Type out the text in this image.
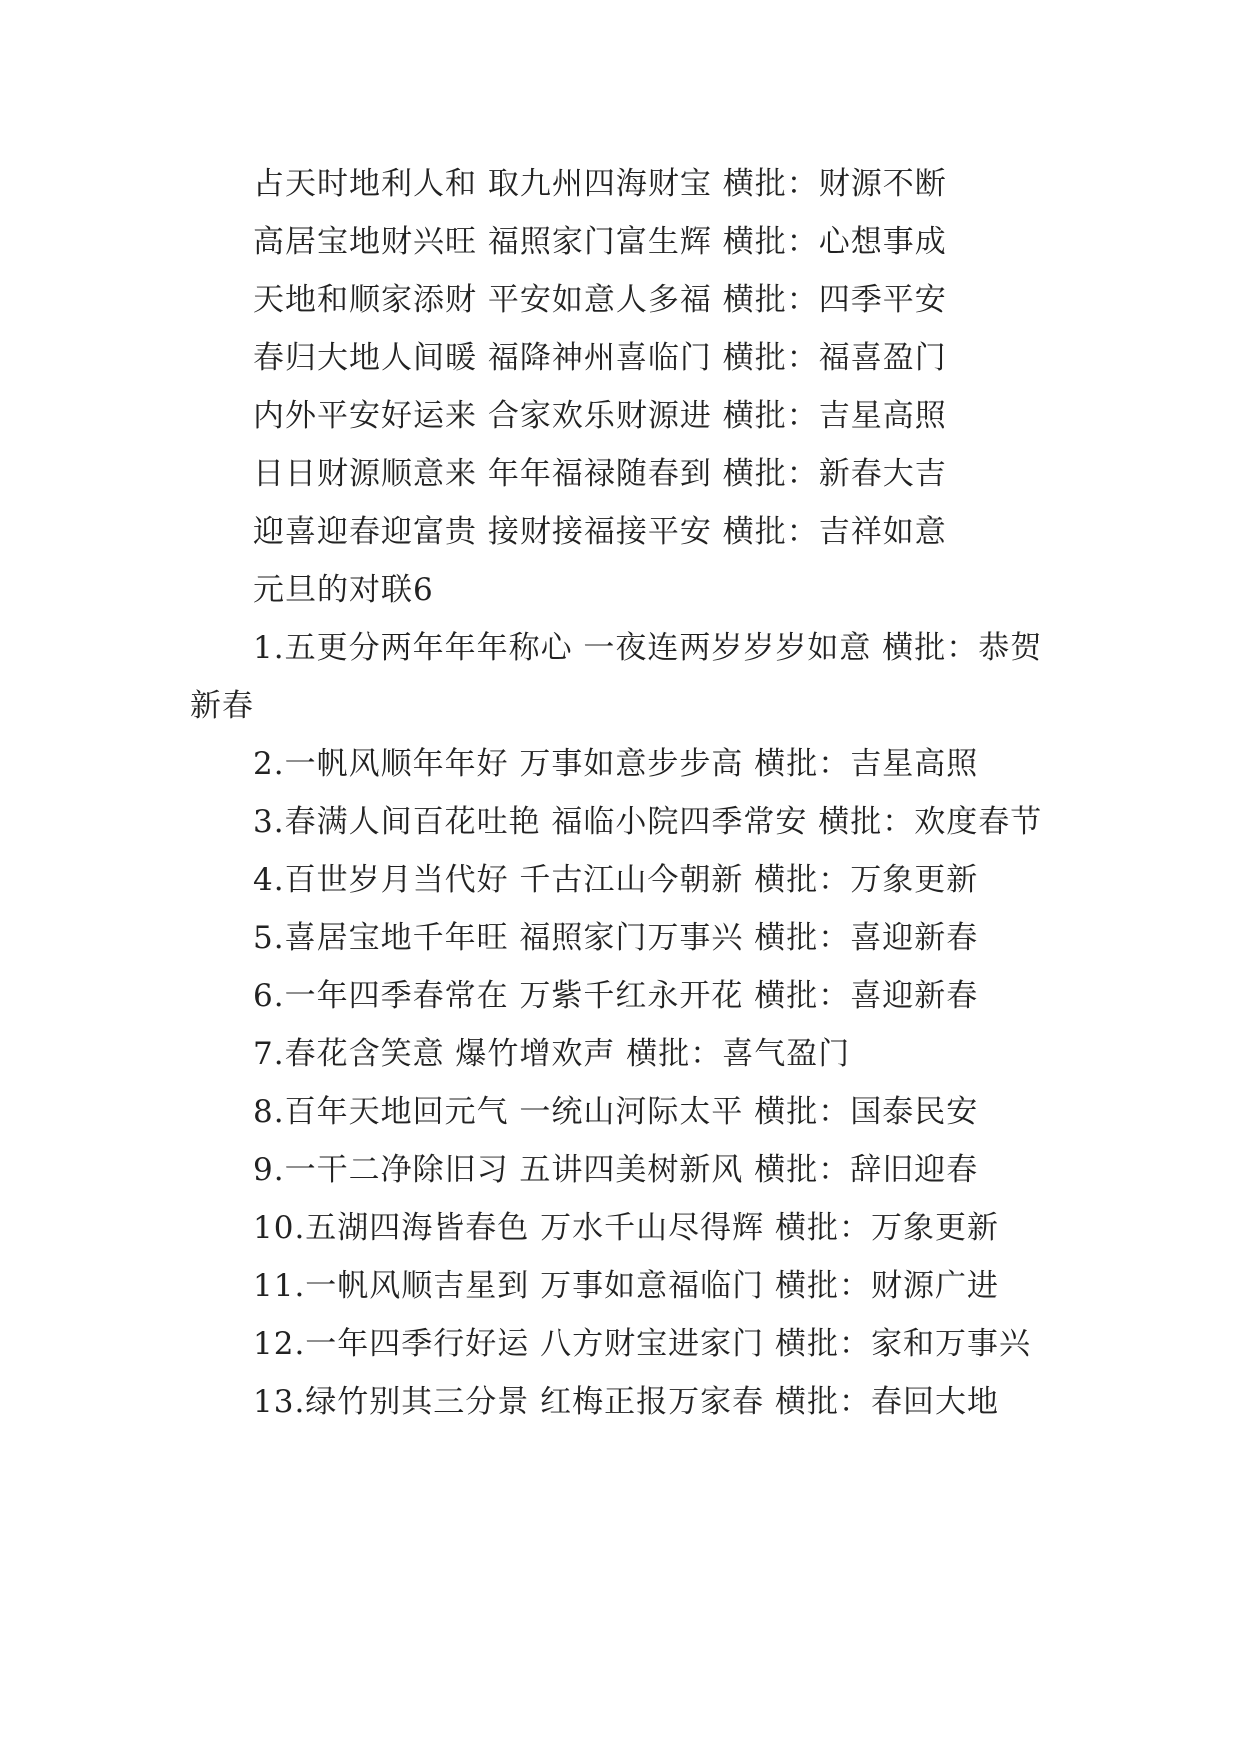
占天时地利人和 取九州四海财宝 横批：财源不断
高居宝地财兴旺 福照家门富生辉 横批：心想事成
天地和顺家添财 平安如意人多福 横批：四季平安
春归大地人间暖 福降神州喜临门 横批：福喜盈门
内外平安好运来 合家欢乐财源进 横批：吉星高照
日日财源顺意来 年年福禄随春到 横批：新春大吉
迎喜迎春迎富贵 接财接福接平安 横批：吉祥如意
元旦的对联6
1.五更分两年年年称心 一夜连两岁岁岁如意 横批：恭贺新春
2.一帆风顺年年好 万事如意步步高 横批：吉星高照
3.春满人间百花吐艳 福临小院四季常安 横批：欢度春节
4.百世岁月当代好 千古江山今朝新 横批：万象更新
5.喜居宝地千年旺 福照家门万事兴 横批：喜迎新春
6.一年四季春常在 万紫千红永开花 横批：喜迎新春
7.春花含笑意 爆竹增欢声 横批：喜气盈门
8.百年天地回元气 一统山河际太平 横批：国泰民安
9.一干二净除旧习 五讲四美树新风 横批：辞旧迎春
10.五湖四海皆春色 万水千山尽得辉 横批：万象更新
11.一帆风顺吉星到 万事如意福临门 横批：财源广进
12.一年四季行好运 八方财宝进家门 横批：家和万事兴
13.绿竹别其三分景 红梅正报万家春 横批：春回大地
